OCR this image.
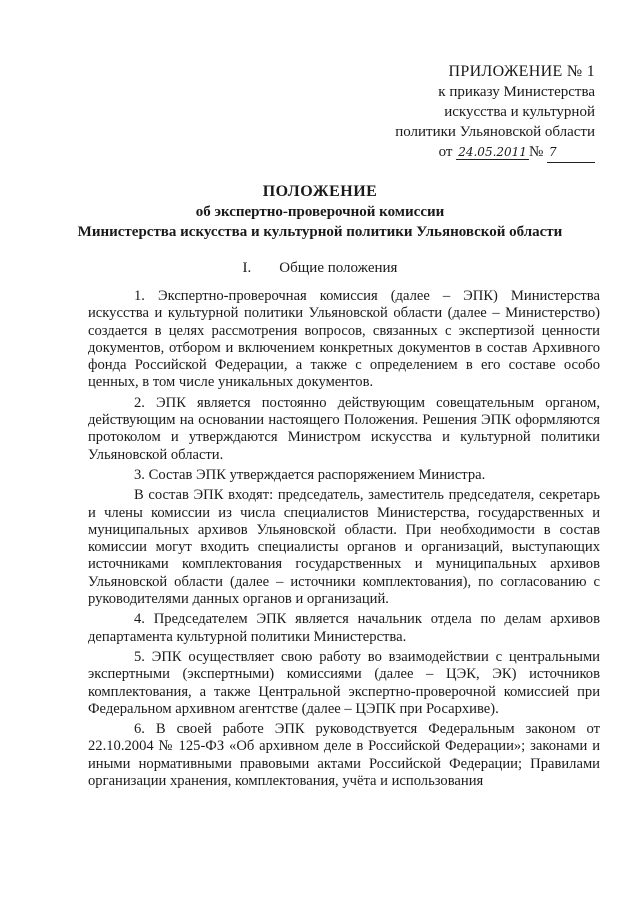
ПРИЛОЖЕНИЕ № 1
к приказу Министерства
искусства и культурной
политики Ульяновской области
от 24.05.2011 № 7
ПОЛОЖЕНИЕ
об экспертно-проверочной комиссии
Министерства искусства и культурной политики Ульяновской области
I. Общие положения

1. Экспертно-проверочная комиссия (далее – ЭПК) Министерства искусства и культурной политики Ульяновской области (далее – Министерство) создается в целях рассмотрения вопросов, связанных с экспертизой ценности документов, отбором и включением конкретных документов в состав Архивного фонда Российской Федерации, а также с определением в его составе особо ценных, в том числе уникальных документов.

2. ЭПК является постоянно действующим совещательным органом, действующим на основании настоящего Положения. Решения ЭПК оформляются протоколом и утверждаются Министром искусства и культурной политики Ульяновской области.

3. Состав ЭПК утверждается распоряжением Министра.

В состав ЭПК входят: председатель, заместитель председателя, секретарь и члены комиссии из числа специалистов Министерства, государственных и муниципальных архивов Ульяновской области. При необходимости в состав комиссии могут входить специалисты органов и организаций, выступающих источниками комплектования государственных и муниципальных архивов Ульяновской области (далее – источники комплектования), по согласованию с руководителями данных органов и организаций.

4. Председателем ЭПК является начальник отдела по делам архивов департамента культурной политики Министерства.

5. ЭПК осуществляет свою работу во взаимодействии с центральными экспертными (экспертными) комиссиями (далее – ЦЭК, ЭК) источников комплектования, а также Центральной экспертно-проверочной комиссией при Федеральном архивном агентстве (далее – ЦЭПК при Росархиве).

6. В своей работе ЭПК руководствуется Федеральным законом от 22.10.2004 № 125-ФЗ «Об архивном деле в Российской Федерации»; законами и иными нормативными правовыми актами Российской Федерации; Правилами организации хранения, комплектования, учёта и использования
